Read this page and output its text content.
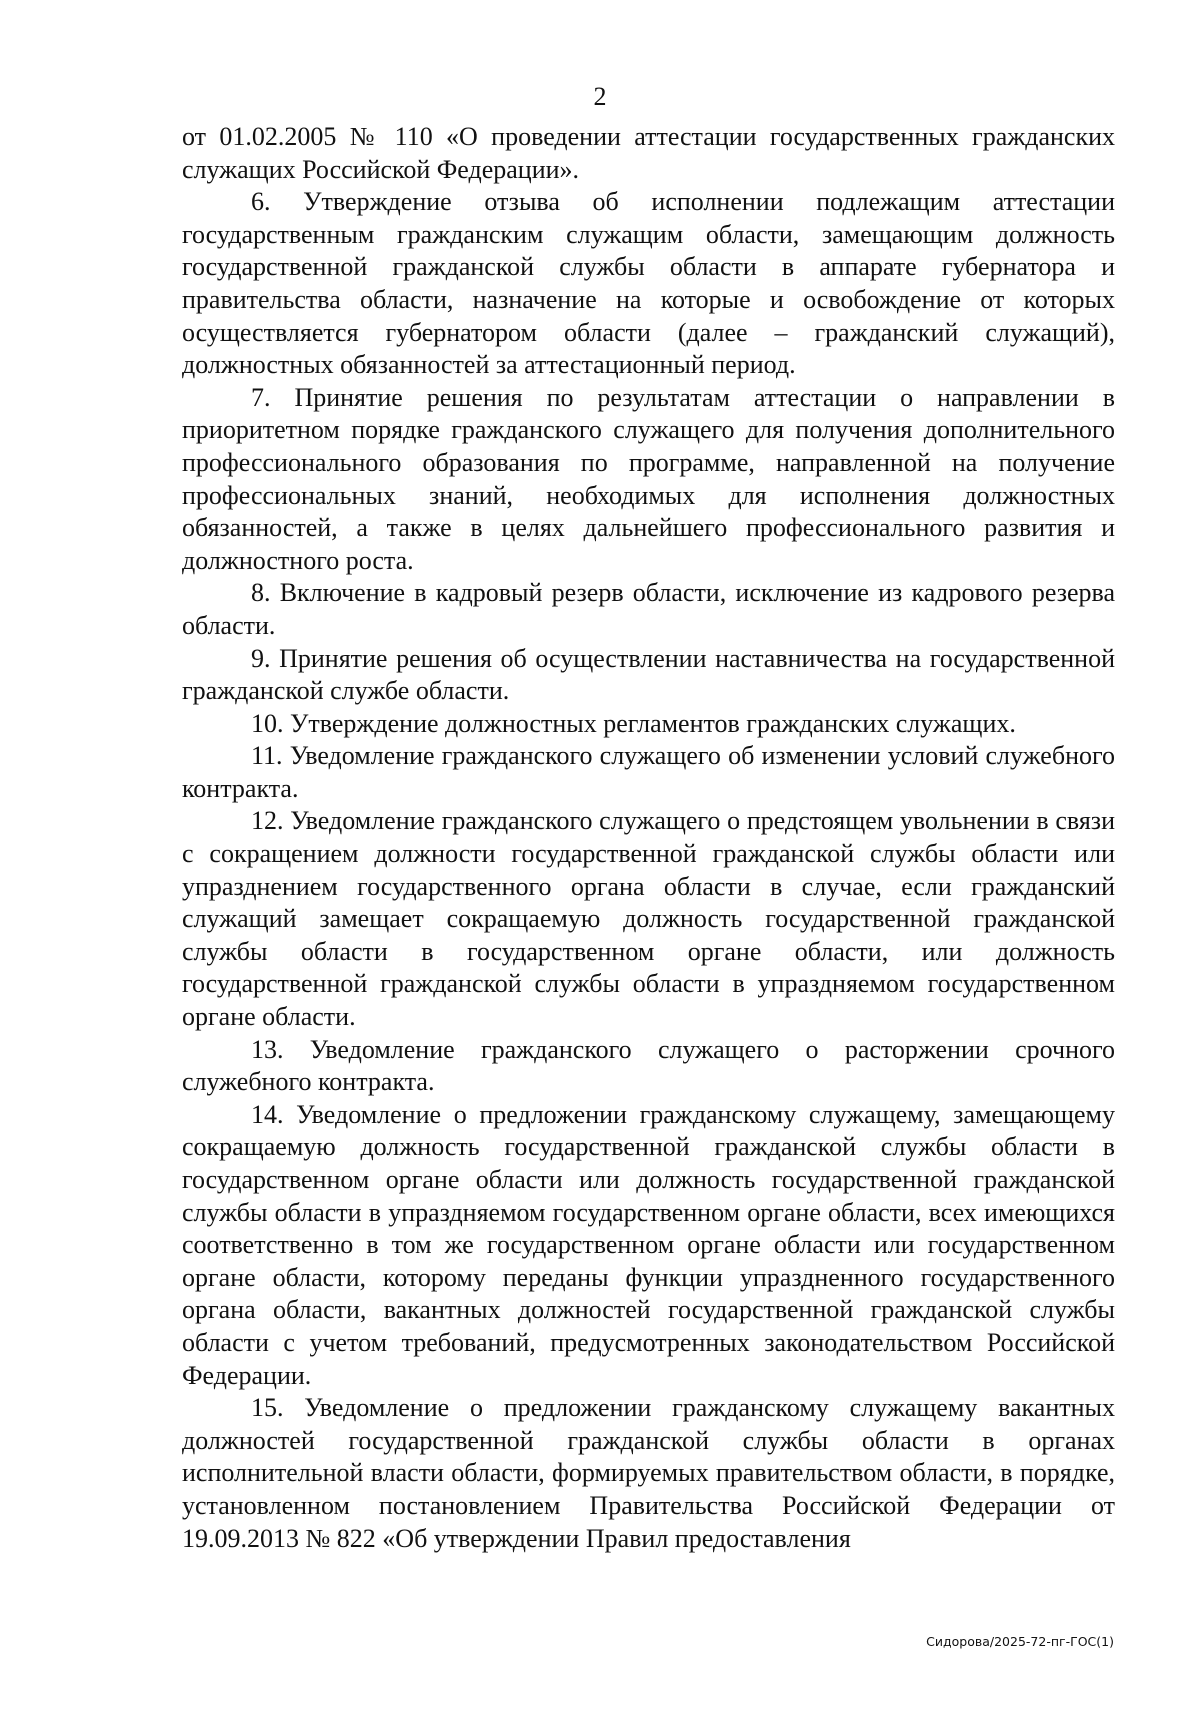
2

от 01.02.2005 № 110 «О проведении аттестации государственных гражданских служащих Российской Федерации».

6. Утверждение отзыва об исполнении подлежащим аттестации государственным гражданским служащим области, замещающим должность государственной гражданской службы области в аппарате губернатора и правительства области, назначение на которые и освобождение от которых осуществляется губернатором области (далее – гражданский служащий), должностных обязанностей за аттестационный период.

7. Принятие решения по результатам аттестации о направлении в приоритетном порядке гражданского служащего для получения дополнительного профессионального образования по программе, направленной на получение профессиональных знаний, необходимых для исполнения должностных обязанностей, а также в целях дальнейшего профессионального развития и должностного роста.

8. Включение в кадровый резерв области, исключение из кадрового резерва области.

9. Принятие решения об осуществлении наставничества на государственной гражданской службе области.

10. Утверждение должностных регламентов гражданских служащих.

11. Уведомление гражданского служащего об изменении условий служебного контракта.

12. Уведомление гражданского служащего о предстоящем увольнении в связи с сокращением должности государственной гражданской службы области или упразднением государственного органа области в случае, если гражданский служащий замещает сокращаемую должность государственной гражданской службы области в государственном органе области, или должность государственной гражданской службы области в упраздняемом государственном органе области.

13. Уведомление гражданского служащего о расторжении срочного служебного контракта.

14. Уведомление о предложении гражданскому служащему, замещающему сокращаемую должность государственной гражданской службы области в государственном органе области или должность государственной гражданской службы области в упраздняемом государственном органе области, всех имеющихся соответственно в том же государственном органе области или государственном органе области, которому переданы функции упраздненного государственного органа области, вакантных должностей государственной гражданской службы области с учетом требований, предусмотренных законодательством Российской Федерации.

15. Уведомление о предложении гражданскому служащему вакантных должностей государственной гражданской службы области в органах исполнительной власти области, формируемых правительством области, в порядке, установленном постановлением Правительства Российской Федерации от 19.09.2013 № 822 «Об утверждении Правил предоставления

Сидорова/2025-72-пг-ГОС(1)
